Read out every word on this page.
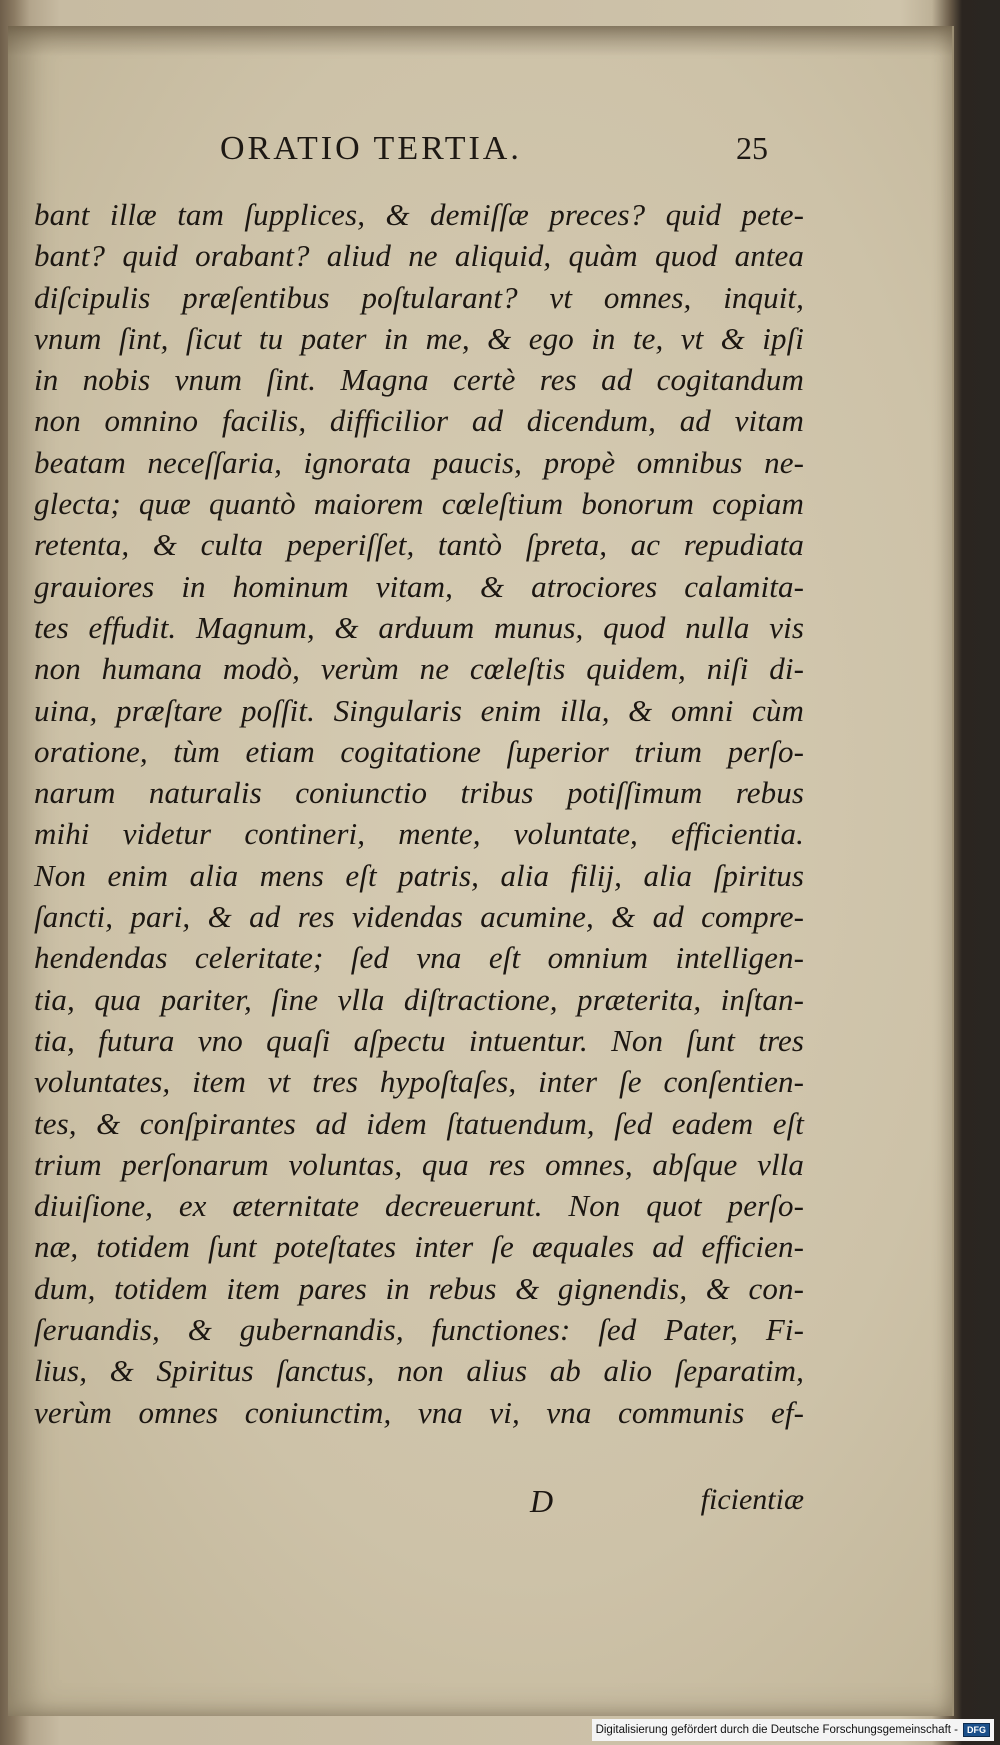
ORATIO TERTIA.	25
bant illæ tam ſupplices, & demiſſæ preces? quid pete-
bant? quid orabant? aliud ne aliquid, quàm quod antea
diſcipulis præſentibus poſtularant? vt omnes, inquit,
vnum ſint, ſicut tu pater in me, & ego in te, vt & ipſi
in nobis vnum ſint. Magna certè res ad cogitandum
non omnino facilis, difficilior ad dicendum, ad vitam
beatam neceſſaria, ignorata paucis, propè omnibus ne-
glecta; quæ quantò maiorem cœleſtium bonorum copiam
retenta, & culta peperiſſet, tantò ſpreta, ac repudiata
grauiores in hominum vitam, & atrociores calamita-
tes effudit. Magnum, & arduum munus, quod nulla vis
non humana modò, verùm ne cœleſtis quidem, niſi di-
uina, præſtare poſſit. Singularis enim illa, & omni cùm
oratione, tùm etiam cogitatione ſuperior trium perſo-
narum naturalis coniunctio tribus potiſſimum rebus
mihi videtur contineri, mente, voluntate, efficientia.
Non enim alia mens eſt patris, alia filij, alia ſpiritus
ſancti, pari, & ad res videndas acumine, & ad compre-
hendendas celeritate; ſed vna eſt omnium intelligen-
tia, qua pariter, ſine vlla diſtractione, præterita, inſtan-
tia, futura vno quaſi aſpectu intuentur. Non ſunt tres
voluntates, item vt tres hypoſtaſes, inter ſe conſentien-
tes, & conſpirantes ad idem ſtatuendum, ſed eadem eſt
trium perſonarum voluntas, qua res omnes, abſque vlla
diuiſione, ex æternitate decreuerunt. Non quot perſo-
næ, totidem ſunt poteſtates inter ſe æquales ad efficien-
dum, totidem item pares in rebus & gignendis, & con-
ſeruandis, & gubernandis, functiones: ſed Pater, Fi-
lius, & Spiritus ſanctus, non alius ab alio ſeparatim,
verùm omnes coniunctim, vna vi, vna communis ef-
D	ficientiæ
Digitalisierung gefördert durch die Deutsche Forschungsgemeinschaft -	DFG
